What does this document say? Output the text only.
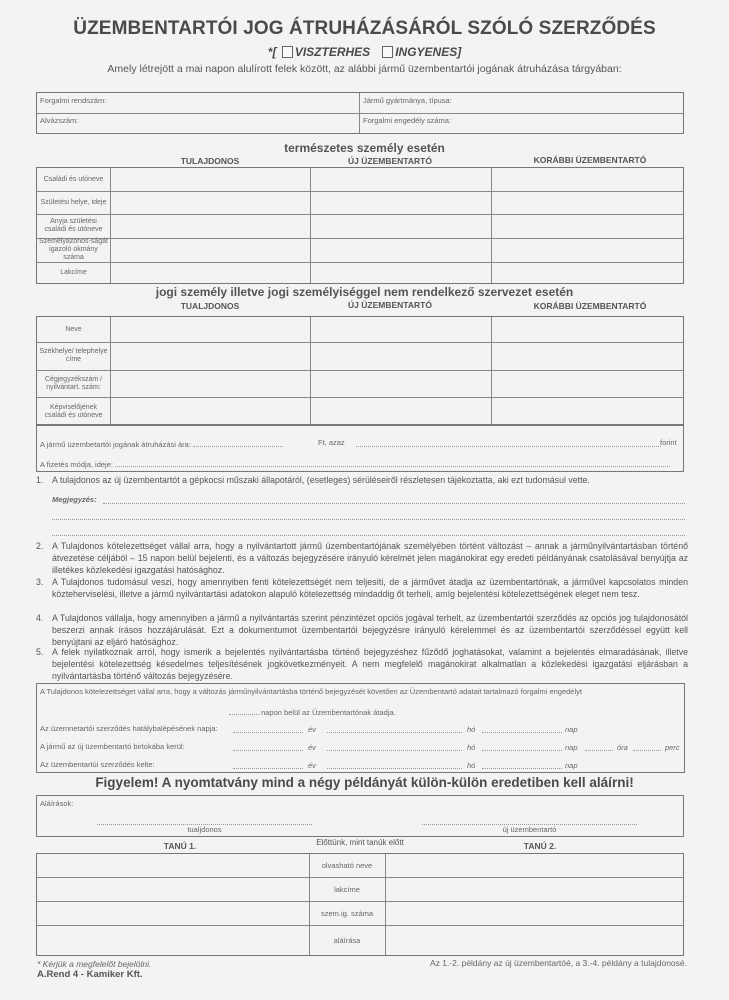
ÜZEMBENTARTÓI JOG ÁTRUHÁZÁSÁRÓL SZÓLÓ SZERZŐDÉS
*[ VISZTERHES INGYENES]
Amely létrejött a mai napon alulírott felek között, az alábbi jármű üzembentartói jogának átruházása tárgyában:
Forgalmi rendszám:	Jármű gyártmánya, típusa:
Alvázszám:	Forgalmi engedély száma:
természetes személy esetén
TULAJDONOS	ÚJ ÜZEMBENTARTÓ	KORÁBBI ÜZEMBENTARTÓ
Családi és utóneve
Születési helye, ideje
Anyja születési családi és utóneve
Személyazonos-ságát igazoló okmány száma
Lakcíme
jogi személy illetve jogi személyiséggel nem rendelkező szervezet esetén
TUALJDONOS	ÚJ ÜZEMBENTARTÓ	KORÁBBI ÜZEMBENTARTÓ
Neve
Székhelye/ telephelye címe
Cégjegyzékszám / nyilvántart. szám:
Képviselőjének családi és utóneve
A jármű üzembetartói jogának átruházási ára:	Ft, azaz	forint
A fizetés módja, ideje:
1. A tulajdonos az új üzembentartót a gépkocsi műszaki állapotáról, (esetleges) sérüléseiről részletesen tájékoztatta, aki ezt tudomásul vette.
Megjegyzés:
2. A Tulajdonos kötelezettséget vállal arra, hogy a nyilvántartott jármű üzembentartójának személyében történt változást – annak a járműnyilvántartásban történő átvezetése céljából – 15 napon belül bejelenti, és a változás bejegyzésére irányuló kérelmét jelen magánokirat egy eredeti példányának csatolásával benyújtja az illetékes közlekedési igazgatási hatósághoz.
3. A Tulajdonos tudomásul veszi, hogy amennyiben fenti kötelezettségét nem teljesíti, de a járművet átadja az üzembentartónak, a járművel kapcsolatos minden közteherviselési, illetve a jármű nyilvántartási adatokon alapuló kötelezettség mindaddig őt terheli, amíg bejelentési kötelezettségének eleget nem tesz.
4. A Tulajdonos vállalja, hogy amennyiben a jármű a nyilvántartás szerint pénzintézet opciós jogával terhelt, az üzembentartói szerződés az opciós jog tulajdonosától beszerzi annak írásos hozzájárulását. Ezt a dokumentumot üzembentartói bejegyzésre irányuló kérelemmel és az üzembentartói szerződéssel együtt kell benyújtani az eljáró hatósághoz.
5. A felek nyilatkoznak arról, hogy ismerik a bejelentés nyilvántartásba történő bejegyzéshez fűződő joghatásokat, valamint a bejelentés elmaradásának, illetve bejelentési kötelezettség késedelmes teljesítésének jogkövetkezményeit. A nem megfelelő magánokirat alkalmatlan a közlekedési igazgatási eljárásban a nyilvántartásba történő változás bejegyzésére.
A Tulajdonos kötelezettséget vállal arra, hogy a változás járműnyilvántartásba történő bejegyzését követően az Üzembentartó adatait tartalmazó forgalmi engedélyt
napon belül az Üzembentartónak átadja.
Az üzemnetartói szerződés hatálybalépésének napja:	év	hó	nap
A jármű az új üzembentartó birtokába kerül:	év	hó	nap	óra	perc
Az üzembentartúi szerződés kelte:	év	hó	nap
Figyelem! A nyomtatvány mind a négy példányát külön-külön eredetiben kell aláírni!
Aláírások:
tualjdonos	új üzembentartó
TANÚ 1.	Előttünk, mint tanúk előtt	TANÚ 2.
olvasható neve
lakcíme
szem.ig. száma
aláírása
* Kérjük a megfelelőt bejelölni.	Az 1.-2. példány az új üzembentartóé, a 3.-4. példány a tulajdonosé.
A.Rend 4 - Kamiker Kft.
